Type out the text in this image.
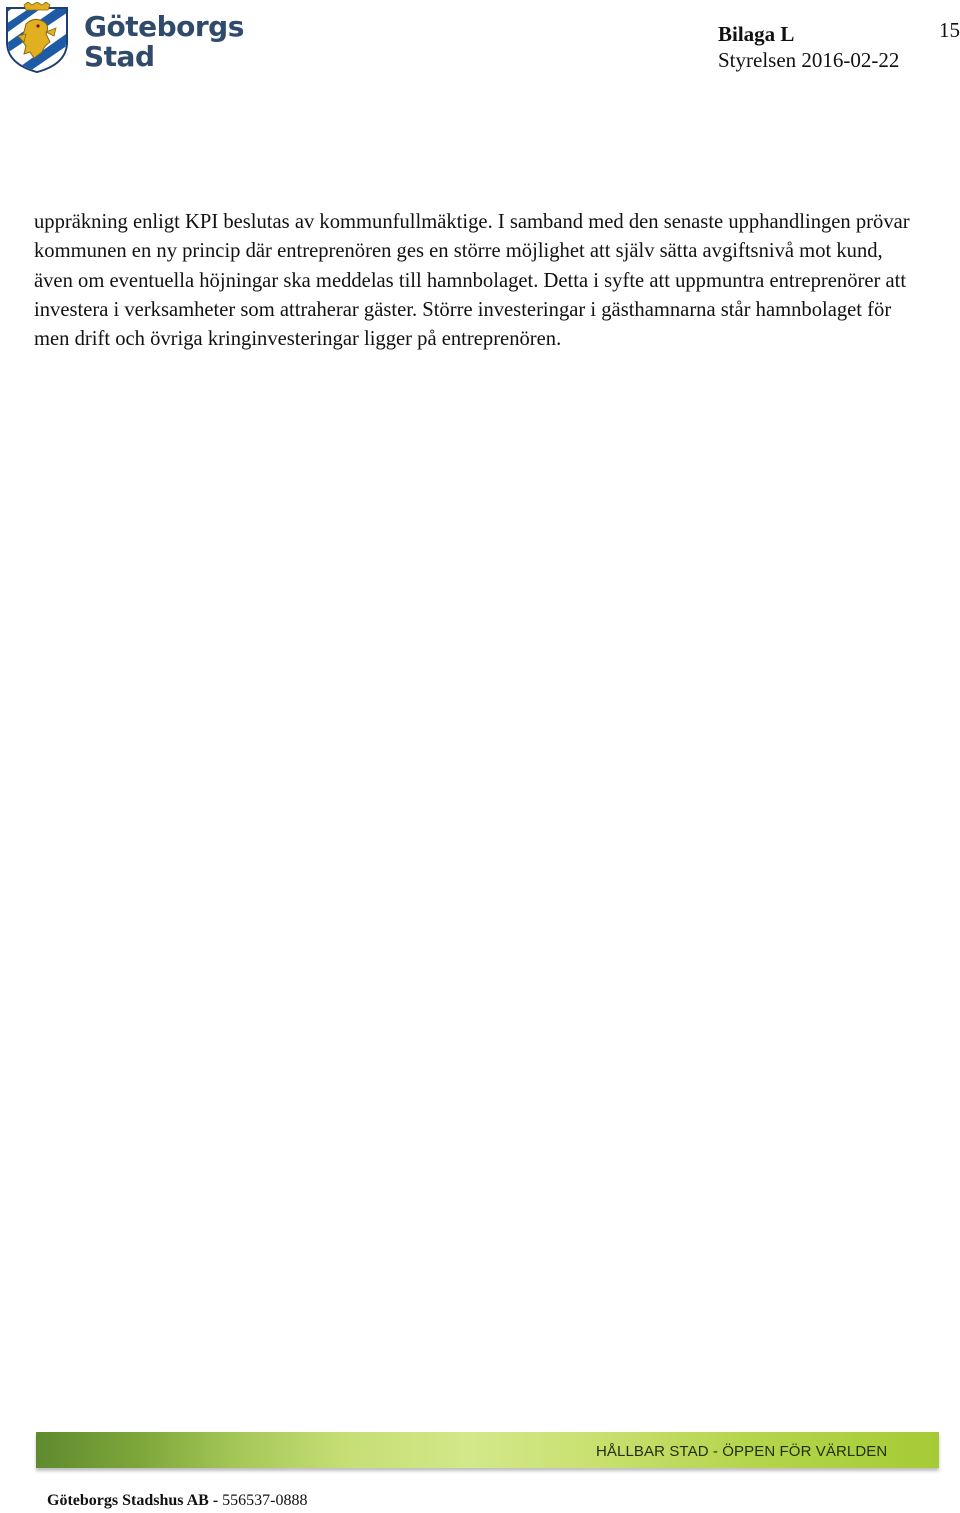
Göteborgs
Stad
Bilaga L
Styrelsen 2016-02-22
15

uppräkning enligt KPI beslutas av kommunfullmäktige. I samband med den senaste upphandlingen prövar kommunen en ny princip där entreprenören ges en större möjlighet att själv sätta avgiftsnivå mot kund, även om eventuella höjningar ska meddelas till hamnbolaget. Detta i syfte att uppmuntra entreprenörer att investera i verksamheter som attraherar gäster. Större investeringar i gästhamnarna står hamnbolaget för men drift och övriga kringinvesteringar ligger på entreprenören.

HÅLLBAR STAD - ÖPPEN FÖR VÄRLDEN
Göteborgs Stadshus AB - 556537-0888
